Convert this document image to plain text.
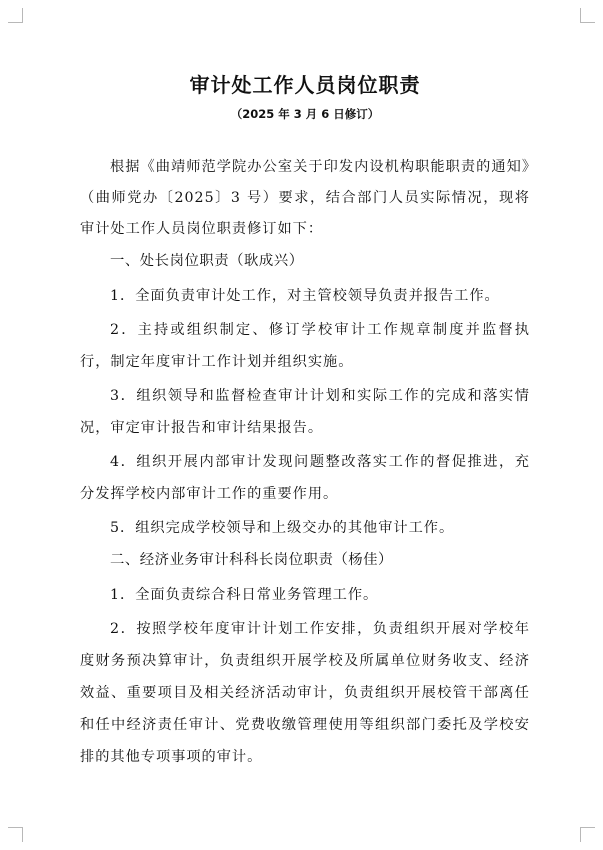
审计处工作人员岗位职责

（2025 年 3 月 6 日修订）

根据《曲靖师范学院办公室关于印发内设机构职能职责的通知》（曲师党办〔2025〕3 号）要求，结合部门人员实际情况，现将审计处工作人员岗位职责修订如下：

一、处长岗位职责（耿成兴）

1．全面负责审计处工作，对主管校领导负责并报告工作。

2．主持或组织制定、修订学校审计工作规章制度并监督执行，制定年度审计工作计划并组织实施。

3．组织领导和监督检查审计计划和实际工作的完成和落实情况，审定审计报告和审计结果报告。

4．组织开展内部审计发现问题整改落实工作的督促推进，充分发挥学校内部审计工作的重要作用。

5．组织完成学校领导和上级交办的其他审计工作。

二、经济业务审计科科长岗位职责（杨佳）

1．全面负责综合科日常业务管理工作。

2．按照学校年度审计计划工作安排，负责组织开展对学校年度财务预决算审计，负责组织开展学校及所属单位财务收支、经济效益、重要项目及相关经济活动审计，负责组织开展校管干部离任和任中经济责任审计、党费收缴管理使用等组织部门委托及学校安排的其他专项事项的审计。
